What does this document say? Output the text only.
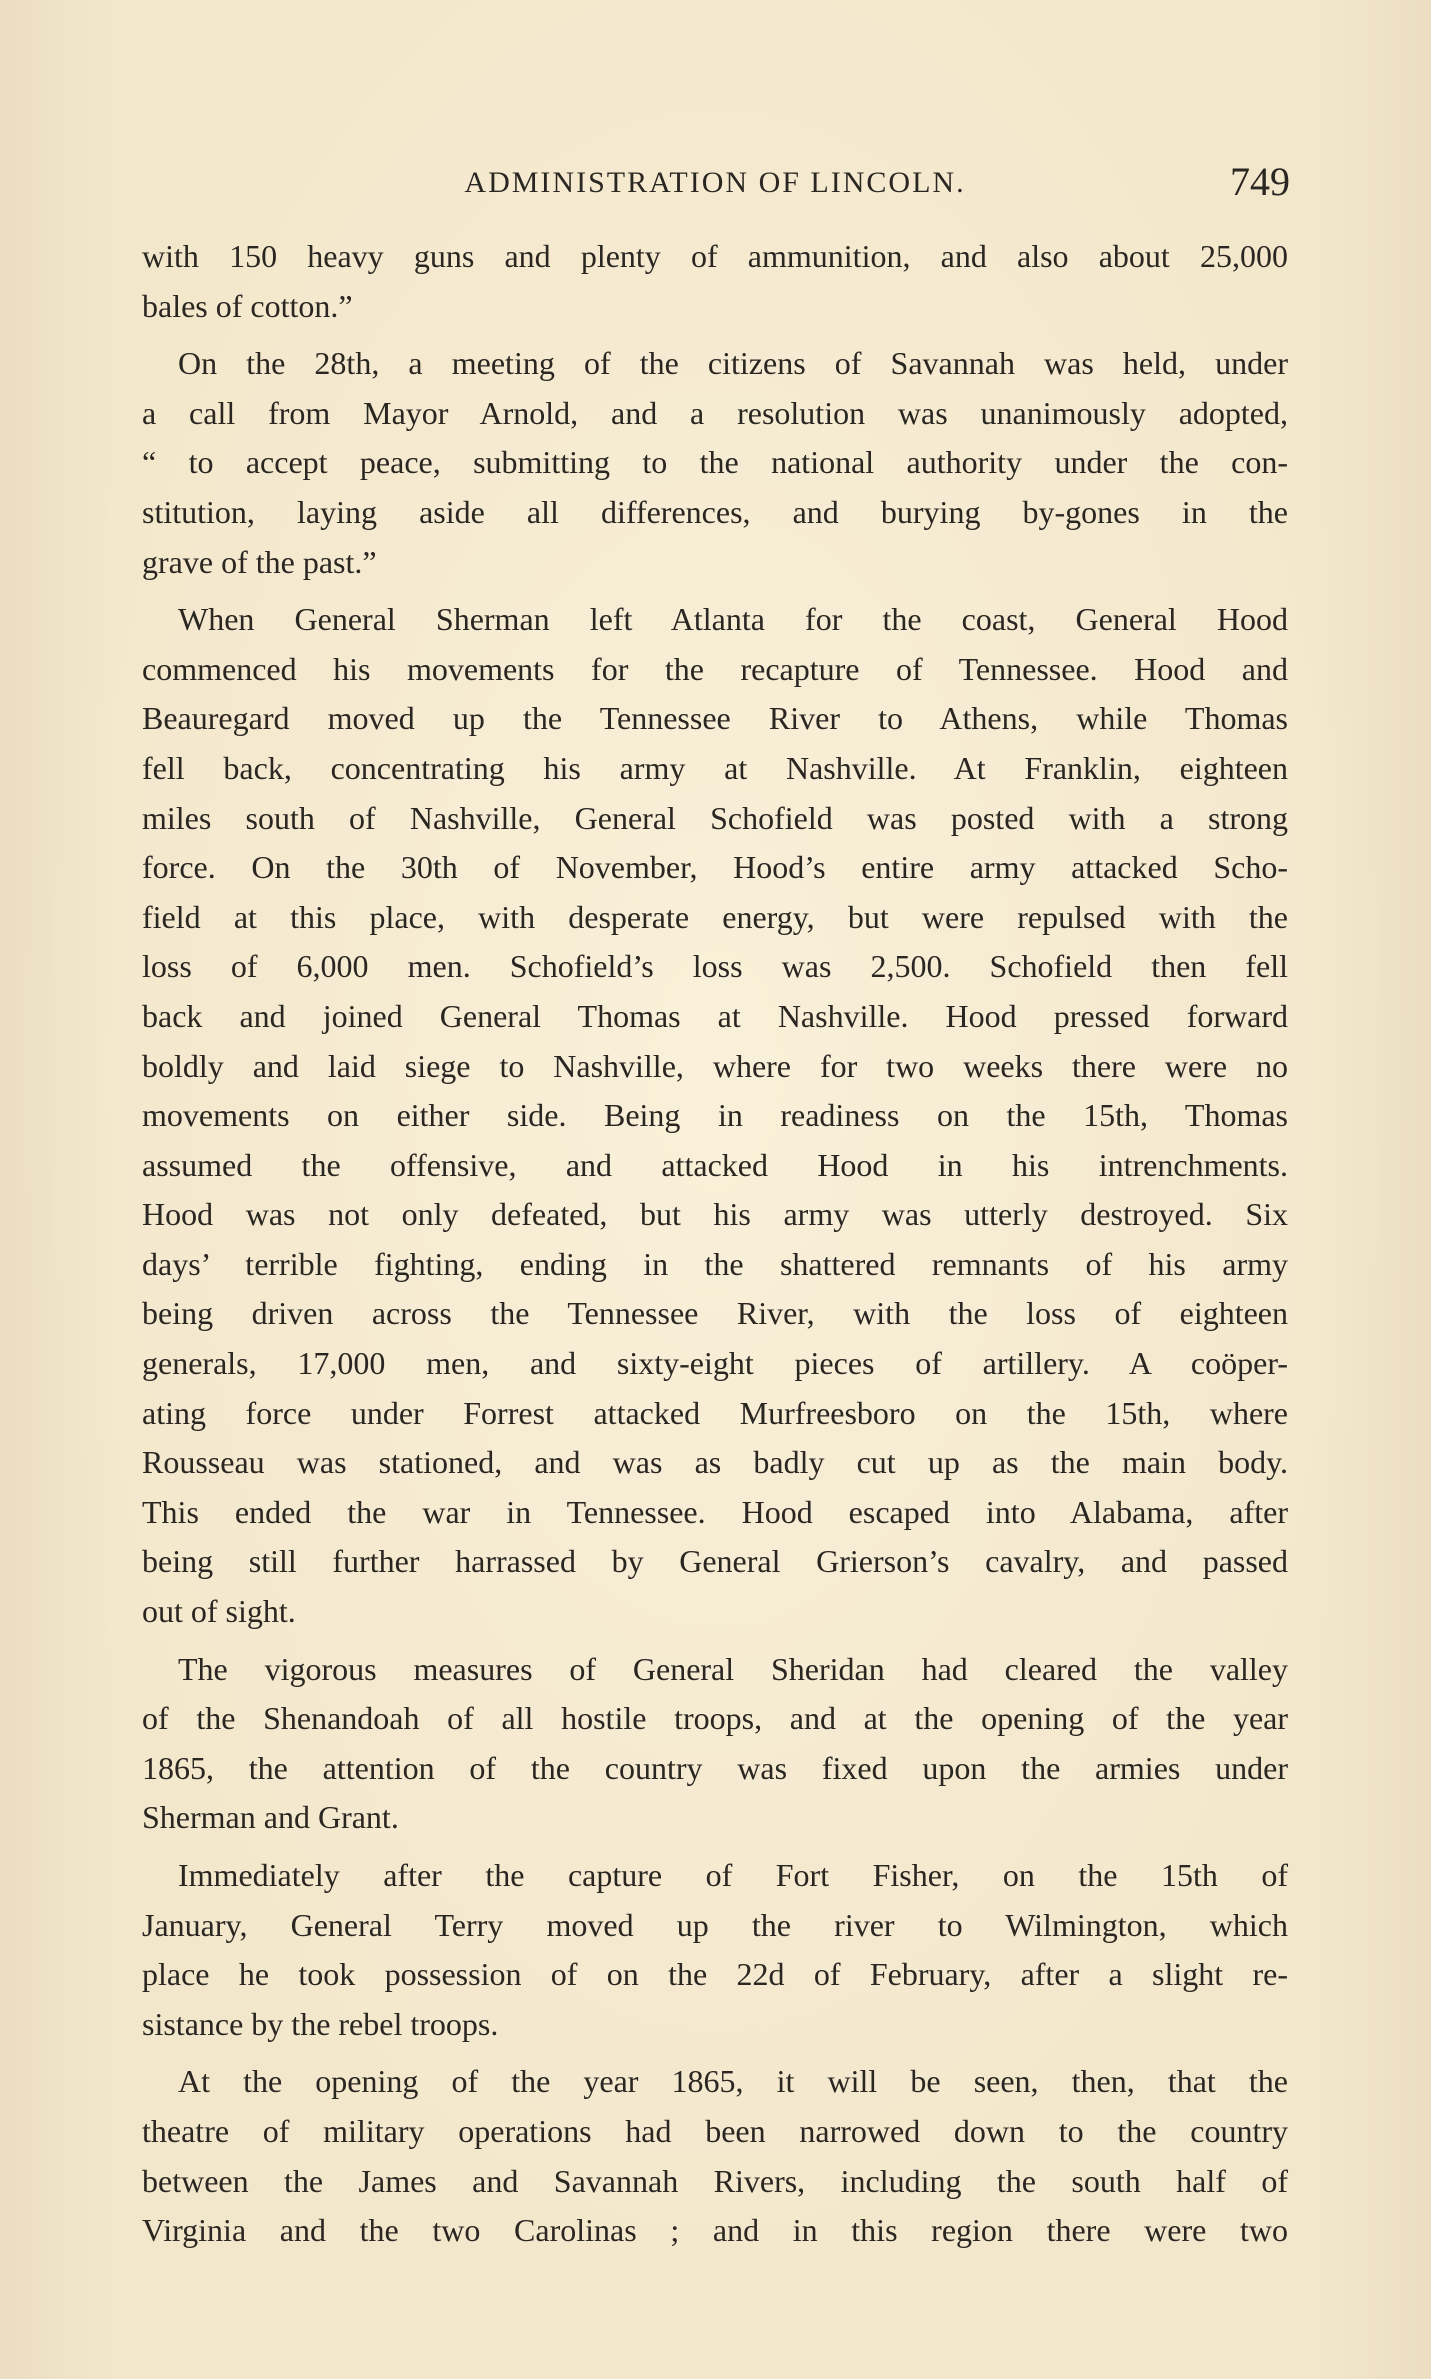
ADMINISTRATION OF LINCOLN.	749
with 150 heavy guns and plenty of ammunition, and also about 25,000
bales of cotton.”
On the 28th, a meeting of the citizens of Savannah was held, under
a call from Mayor Arnold, and a resolution was unanimously adopted,
“ to accept peace, submitting to the national authority under the con-
stitution, laying aside all differences, and burying by-gones in the
grave of the past.”
When General Sherman left Atlanta for the coast, General Hood
commenced his movements for the recapture of Tennessee. Hood and
Beauregard moved up the Tennessee River to Athens, while Thomas
fell back, concentrating his army at Nashville. At Franklin, eighteen
miles south of Nashville, General Schofield was posted with a strong
force. On the 30th of November, Hood’s entire army attacked Scho-
field at this place, with desperate energy, but were repulsed with the
loss of 6,000 men. Schofield’s loss was 2,500. Schofield then fell
back and joined General Thomas at Nashville. Hood pressed forward
boldly and laid siege to Nashville, where for two weeks there were no
movements on either side. Being in readiness on the 15th, Thomas
assumed the offensive, and attacked Hood in his intrenchments.
Hood was not only defeated, but his army was utterly destroyed. Six
days’ terrible fighting, ending in the shattered remnants of his army
being driven across the Tennessee River, with the loss of eighteen
generals, 17,000 men, and sixty-eight pieces of artillery. A coöper-
ating force under Forrest attacked Murfreesboro on the 15th, where
Rousseau was stationed, and was as badly cut up as the main body.
This ended the war in Tennessee. Hood escaped into Alabama, after
being still further harrassed by General Grierson’s cavalry, and passed
out of sight.
The vigorous measures of General Sheridan had cleared the valley
of the Shenandoah of all hostile troops, and at the opening of the year
1865, the attention of the country was fixed upon the armies under
Sherman and Grant.
Immediately after the capture of Fort Fisher, on the 15th of
January, General Terry moved up the river to Wilmington, which
place he took possession of on the 22d of February, after a slight re-
sistance by the rebel troops.
At the opening of the year 1865, it will be seen, then, that the
theatre of military operations had been narrowed down to the country
between the James and Savannah Rivers, including the south half of
Virginia and the two Carolinas ; and in this region there were two
